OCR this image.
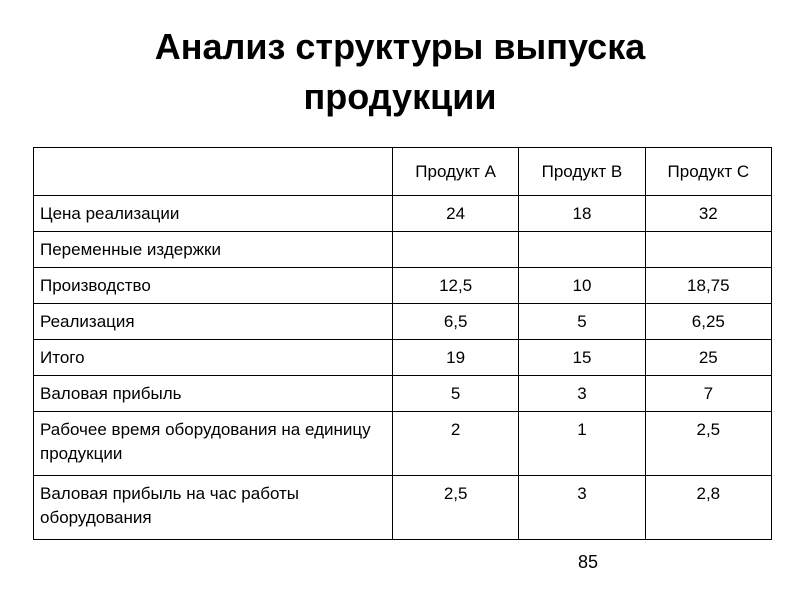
Анализ структуры выпуска
продукции
	Продукт А	Продукт В	Продукт С
Цена реализации	24	18	32
Переменные издержки			
Производство	12,5	10	18,75
Реализация	6,5	5	6,25
Итого	19	15	25
Валовая прибыль	5	3	7
Рабочее время оборудования на единицу продукции	2	1	2,5
Валовая прибыль на час работы оборудования	2,5	3	2,8
85
